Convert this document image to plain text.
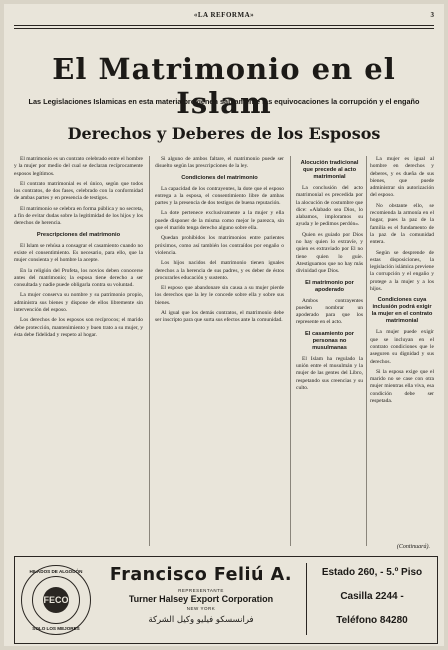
«LA REFORMA»	3
El Matrimonio en el Islam
Las Legislaciones Islamicas en esta materia previenen sabiamente las equivocaciones la corrupción y el engaño
Derechos y Deberes de los Esposos

El matrimonio es un contrato celebrado entre el hombre y la mujer por medio del cual se declaran recíprocamente esposos legítimos.

El contrato matrimonial es el único, según que todos los contratos, de dos fases, celebrado con la conformidad de ambas partes y en presencia de testigos.

El matrimonio se celebra en forma pública y no secreta, a fin de evitar dudas sobre la legitimidad de los hijos y los derechos de herencia.

Prescripciones del matrimonio

El Islam se rehúsa a consagrar el casamiento cuando no existe el consentimiento. Es necesario, para ello, que la mujer consienta y el hombre la acepte.

En la religión del Profeta, los novios deben conocerse antes del matrimonio; la esposa tiene derecho a ser consultada y nadie puede obligarla contra su voluntad.

La mujer conserva su nombre y su patrimonio propio, administra sus bienes y dispone de ellos libremente sin intervención del esposo.

Los derechos de los esposos son recíprocos; el marido debe protección, mantenimiento y buen trato a su mujer, y ésta debe fidelidad y respeto al hogar.

Si alguno de ambos faltare, el matrimonio puede ser disuelto según las prescripciones de la ley.

Condiciones del matrimonio

La capacidad de los contrayentes, la dote que el esposo entrega a la esposa, el consentimiento libre de ambas partes y la presencia de dos testigos de buena reputación.

La dote pertenece exclusivamente a la mujer y ella puede disponer de la misma como mejor le parezca, sin que el marido tenga derecho alguno sobre ella.

Quedan prohibidos los matrimonios entre parientes próximos, como así también los contraídos por engaño o violencia.

Los hijos nacidos del matrimonio tienen iguales derechos a la herencia de sus padres, y es deber de éstos procurarles educación y sustento.

El esposo que abandonare sin causa a su mujer pierde los derechos que la ley le concede sobre ella y sobre sus bienes.

Al igual que los demás contratos, el matrimonio debe ser inscripto para que surta sus efectos ante la comunidad.

Alocución tradicional que precede al acto matrimonial

La conclusión del acto matrimonial es precedida por la alocución de costumbre que dice: «Alabado sea Dios, lo alabamos, imploramos su ayuda y le pedimos perdón».

Quien es guiado por Dios no hay quien lo extravíe, y quien es extraviado por El no tiene quien lo guíe. Atestiguamos que no hay más divinidad que Dios.

El matrimonio por apoderado

Ambos contrayentes pueden nombrar un apoderado para que los represente en el acto.

El casamiento por personas no musulmanas

El Islam ha regulado la unión entre el musulmán y la mujer de las gentes del Libro, respetando sus creencias y su culto.

La mujer es igual al hombre en derechos y deberes, y es dueña de sus bienes, que puede administrar sin autorización del esposo.

No obstante ello, se recomienda la armonía en el hogar, pues la paz de la familia es el fundamento de la paz de la comunidad entera.

Según se desprende de estas disposiciones, la legislación islámica previene la corrupción y el engaño y protege a la mujer y a los hijos.

Condiciones cuya inclusión podrá exigir la mujer en el contrato matrimonial

La mujer puede exigir que se incluyan en el contrato condiciones que le aseguren su dignidad y sus derechos.

Si la esposa exige que el marido no se case con otra mujer mientras ella viva, esa condición debe ser respetada.

(Continuará).
HILADOS DE ALGODÓN
FECO
SOLO LOS MEJORES
Francisco Feliú A.
REPRESENTANTE
Turner Halsey Export Corporation
NEW YORK
فرانسسكو فيليو وكيل الشركة
Estado 260, - 5.º Piso
Casilla 2244 -
Teléfono 84280
